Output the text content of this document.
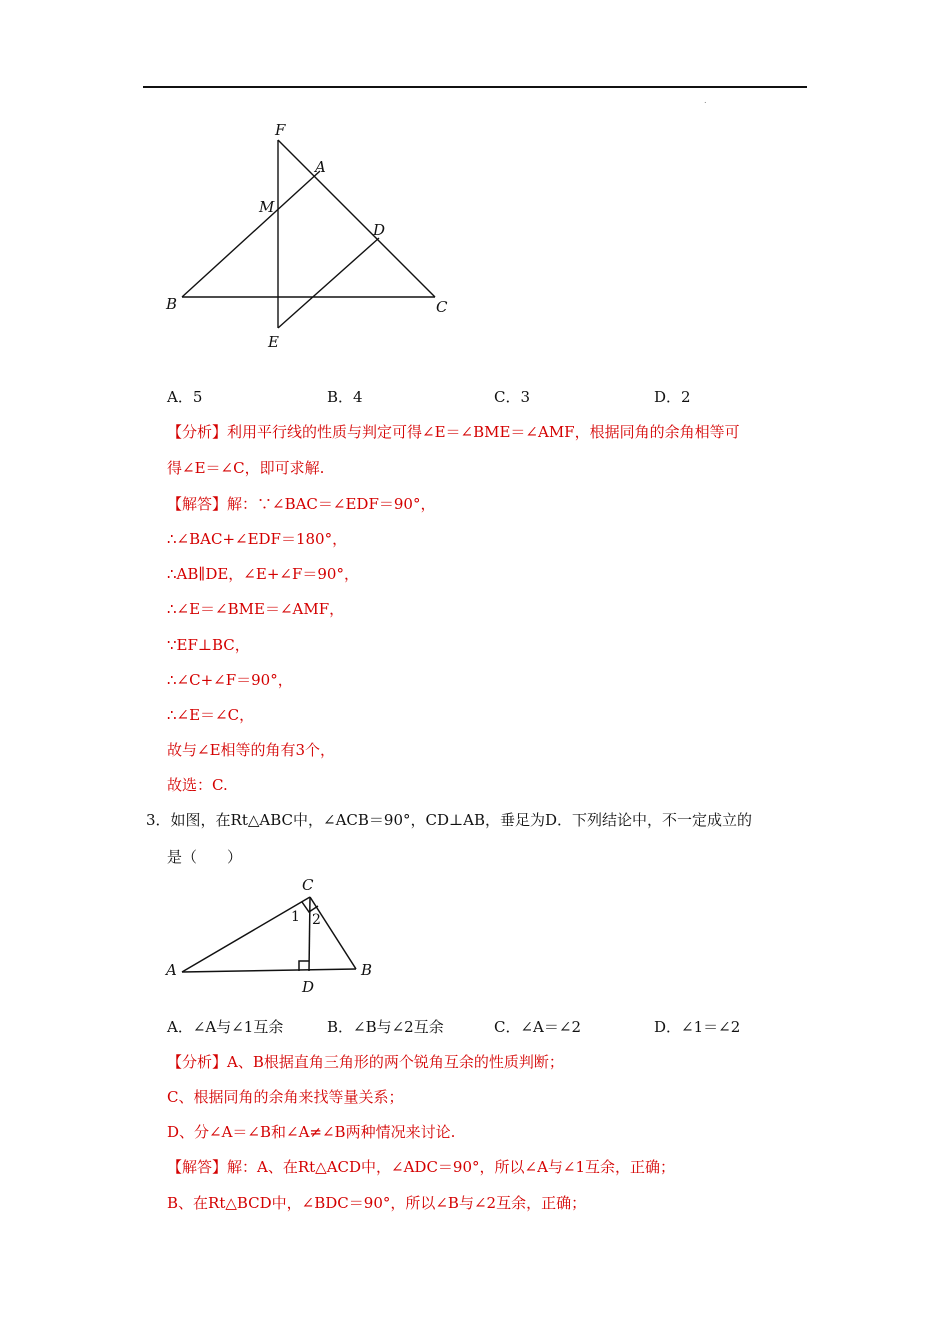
.
F
A
M
D
B	C
E
A．5	B．4	C．3	D．2
【分析】利用平行线的性质与判定可得∠E＝∠BME＝∠AMF，根据同角的余角相等可
得∠E＝∠C，即可求解.
【解答】解：∵∠BAC＝∠EDF＝90°，
∴∠BAC+∠EDF＝180°，
∴AB∥DE，∠E+∠F＝90°，
∴∠E＝∠BME＝∠AMF，
∵EF⊥BC，
∴∠C+∠F＝90°，
∴∠E＝∠C，
故与∠E相等的角有3个，
故选：C.
3．如图，在Rt△ABC中，∠ACB＝90°，CD⊥AB，垂足为D．下列结论中，不一定成立的
是（　　）
C
A	B
D
1 2
A．∠A与∠1互余	B．∠B与∠2互余	C．∠A＝∠2	D．∠1＝∠2
【分析】A、B根据直角三角形的两个锐角互余的性质判断；
C、根据同角的余角来找等量关系；
D、分∠A＝∠B和∠A≠∠B两种情况来讨论.
【解答】解：A、在Rt△ACD中，∠ADC＝90°，所以∠A与∠1互余，正确；
B、在Rt△BCD中，∠BDC＝90°，所以∠B与∠2互余，正确；
